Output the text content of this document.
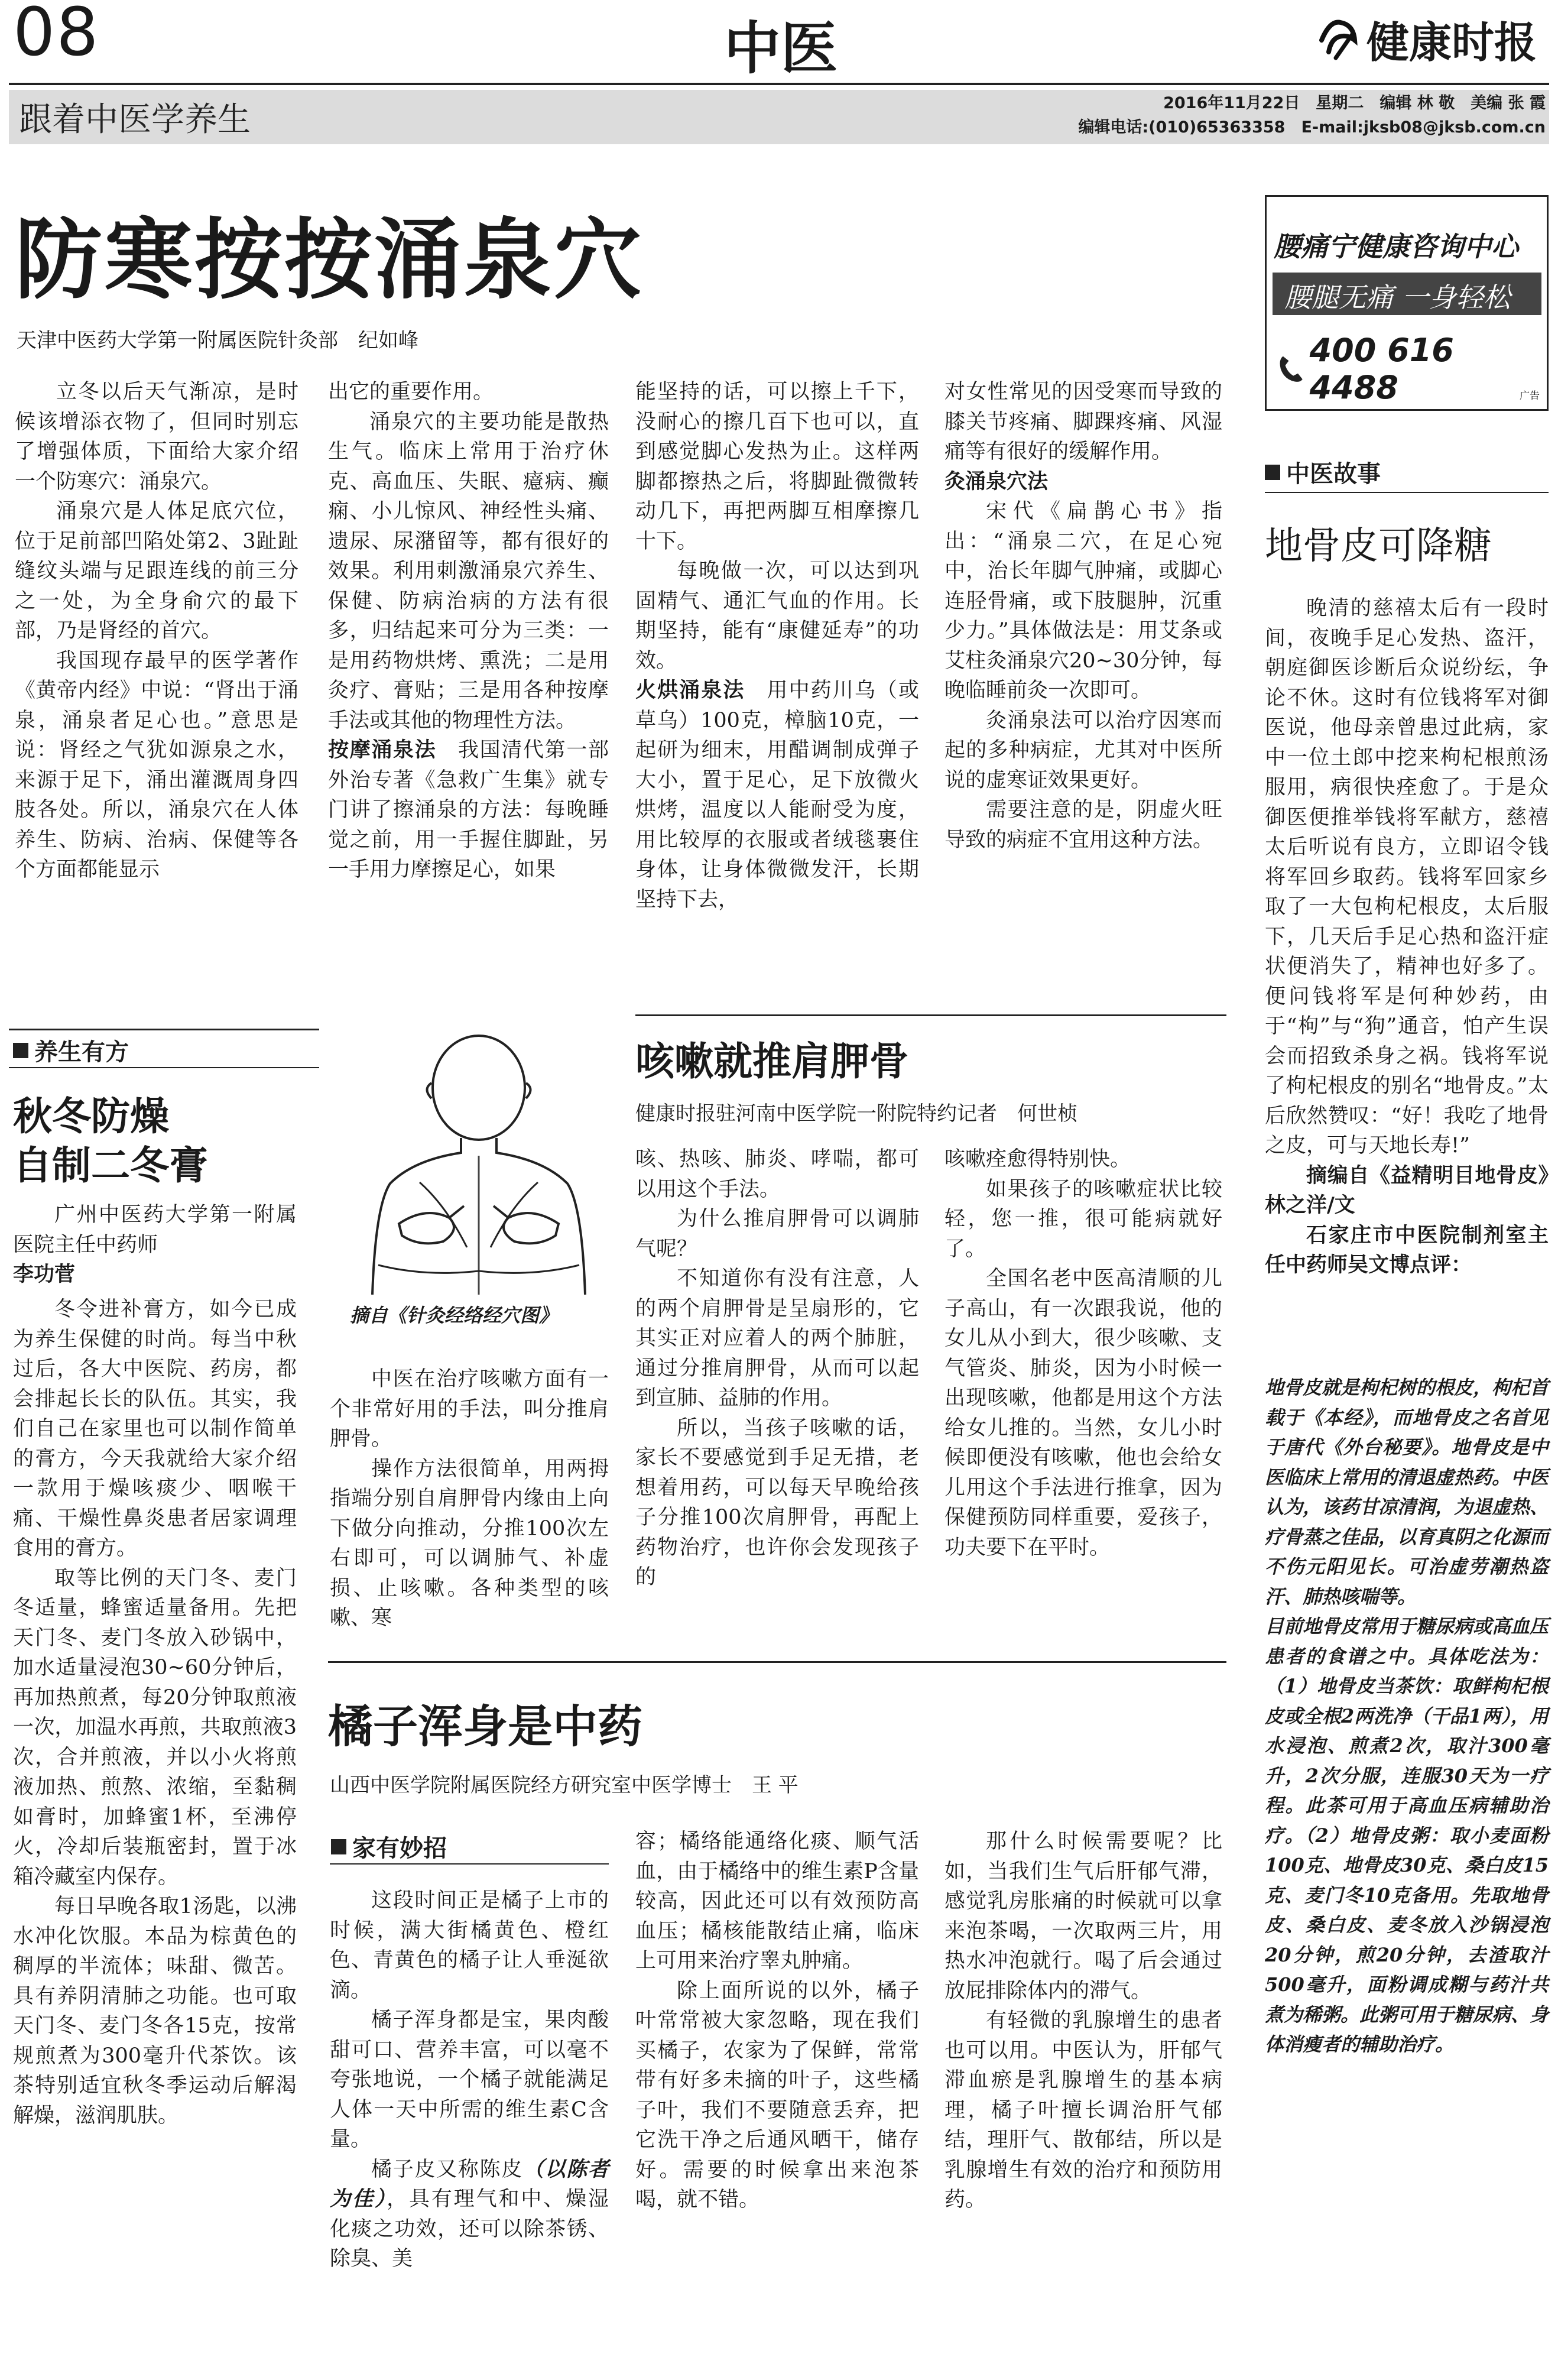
08	中医	健康时报
跟着中医学养生	2016年11月22日　星期二　编辑 林 敬　美编 张 霞
编辑电话:(010)65363358　E-mail:jksb08@jksb.com.cn
防寒按按涌泉穴
天津中医药大学第一附属医院针灸部　纪如峰

立冬以后天气渐凉，是时候该增添衣物了，但同时别忘了增强体质，下面给大家介绍一个防寒穴：涌泉穴。

涌泉穴是人体足底穴位，位于足前部凹陷处第2、3趾趾缝纹头端与足跟连线的前三分之一处，为全身俞穴的最下部，乃是肾经的首穴。

我国现存最早的医学著作《黄帝内经》中说：“肾出于涌泉，涌泉者足心也。”意思是说：肾经之气犹如源泉之水，来源于足下，涌出灌溉周身四肢各处。所以，涌泉穴在人体养生、防病、治病、保健等各个方面都能显示

出它的重要作用。

涌泉穴的主要功能是散热生气。临床上常用于治疗休克、高血压、失眠、癔病、癫痫、小儿惊风、神经性头痛、遗尿、尿潴留等，都有很好的效果。利用刺激涌泉穴养生、保健、防病治病的方法有很多，归结起来可分为三类：一是用药物烘烤、熏洗；二是用灸疗、膏贴；三是用各种按摩手法或其他的物理性方法。

按摩涌泉法　 我国清代第一部外治专著《急救广生集》就专门讲了擦涌泉的方法：每晚睡觉之前，用一手握住脚趾，另一手用力摩擦足心，如果

能坚持的话，可以擦上千下，没耐心的擦几百下也可以，直到感觉脚心发热为止。这样两脚都擦热之后，将脚趾微微转动几下，再把两脚互相摩擦几十下。

每晚做一次，可以达到巩固精气、通汇气血的作用。长期坚持，能有“康健延寿”的功效。

火烘涌泉法　 用中药川乌（或草乌）100克，樟脑10克，一起研为细末，用醋调制成弹子大小，置于足心，足下放微火烘烤，温度以人能耐受为度，用比较厚的衣服或者绒毯裹住身体，让身体微微发汗，长期坚持下去，
对女性常见的因受寒而导致的膝关节疼痛、脚踝疼痛、风湿痛等有很好的缓解作用。
灸涌泉穴法　

宋代《扁鹊心书》指出：“涌泉二穴，在足心宛中，治长年脚气肿痛，或脚心连胫骨痛，或下肢腿肿，沉重少力。”具体做法是：用艾条或艾柱灸涌泉穴20~30分钟，每晚临睡前灸一次即可。

灸涌泉法可以治疗因寒而起的多种病症，尤其对中医所说的虚寒证效果更好。

需要注意的是，阴虚火旺导致的病症不宜用这种方法。

腰痛宁健康咨询中心
腰腿无痛 一身轻松
400 616 4488	广告
中医故事
地骨皮可降糖

晚清的慈禧太后有一段时间，夜晚手足心发热、盗汗，朝庭御医诊断后众说纷纭，争论不休。这时有位钱将军对御医说，他母亲曾患过此病，家中一位土郎中挖来枸杞根煎汤服用，病很快痊愈了。于是众御医便推举钱将军献方，慈禧太后听说有良方，立即诏令钱将军回乡取药。钱将军回家乡取了一大包枸杞根皮，太后服下，几天后手足心热和盗汗症状便消失了，精神也好多了。便问钱将军是何种妙药，由于“枸”与“狗”通音，怕产生误会而招致杀身之祸。钱将军说了枸杞根皮的别名“地骨皮。”太后欣然赞叹：“好！我吃了地骨之皮，可与天地长寿!”

摘编自《益精明目地骨皮》林之洋/文

石家庄市中医院制剂室主任中药师吴文博点评：

地骨皮就是枸杞树的根皮，枸杞首载于《本经》，而地骨皮之名首见于唐代《外台秘要》。地骨皮是中医临床上常用的清退虚热药。中医认为，该药甘凉清润，为退虚热、疗骨蒸之佳品，以育真阴之化源而不伤元阳见长。可治虚劳潮热盗汗、肺热咳喘等。
目前地骨皮常用于糖尿病或高血压患者的食谱之中。具体吃法为：（1）地骨皮当茶饮：取鲜枸杞根皮或全根2两洗净（干品1两），用水浸泡、煎煮2次，取汁300毫升，2次分服，连服30天为一疗程。此茶可用于高血压病辅助治疗。（2）地骨皮粥：取小麦面粉100克、地骨皮30克、桑白皮15克、麦门冬10克备用。先取地骨皮、桑白皮、麦冬放入沙锅浸泡20分钟，煎20分钟，去渣取汁500毫升，面粉调成糊与药汁共煮为稀粥。此粥可用于糖尿病、身体消瘦者的辅助治疗。
养生有方
秋冬防燥
自制二冬膏

广州中医药大学第一附属医院主任中药师

李功菅

冬令进补膏方，如今已成为养生保健的时尚。每当中秋过后，各大中医院、药房，都会排起长长的队伍。其实，我们自己在家里也可以制作简单的膏方，今天我就给大家介绍一款用于燥咳痰少、咽喉干痛、干燥性鼻炎患者居家调理食用的膏方。

取等比例的天门冬、麦门冬适量，蜂蜜适量备用。先把天门冬、麦门冬放入砂锅中，加水适量浸泡30~60分钟后，再加热煎煮，每20分钟取煎液一次，加温水再煎，共取煎液3次，合并煎液，并以小火将煎液加热、煎熬、浓缩，至黏稠如膏时，加蜂蜜1杯，至沸停火，冷却后装瓶密封，置于冰箱冷藏室内保存。

每日早晚各取1汤匙，以沸水冲化饮服。本品为棕黄色的稠厚的半流体；味甜、微苦。具有养阴清肺之功能。也可取天门冬、麦门冬各15克，按常规煎煮为300毫升代茶饮。该茶特别适宜秋冬季运动后解渴解燥，滋润肌肤。

摘自《针灸经络经穴图》
咳嗽就推肩胛骨
健康时报驻河南中医学院一附院特约记者　何世桢

中医在治疗咳嗽方面有一个非常好用的手法，叫分推肩胛骨。

操作方法很简单，用两拇指端分别自肩胛骨内缘由上向下做分向推动，分推100次左右即可，可以调肺气、补虚损、止咳嗽。各种类型的咳嗽、寒

咳、热咳、肺炎、哮喘，都可以用这个手法。

为什么推肩胛骨可以调肺气呢？

不知道你有没有注意，人的两个肩胛骨是呈扇形的，它其实正对应着人的两个肺脏，通过分推肩胛骨，从而可以起到宣肺、益肺的作用。

所以，当孩子咳嗽的话，家长不要感觉到手足无措，老想着用药，可以每天早晚给孩子分推100次肩胛骨，再配上药物治疗，也许你会发现孩子的

咳嗽痊愈得特别快。

如果孩子的咳嗽症状比较轻，您一推，很可能病就好了。

全国名老中医高清顺的儿子高山，有一次跟我说，他的女儿从小到大，很少咳嗽、支气管炎、肺炎，因为小时候一出现咳嗽，他都是用这个方法给女儿推的。当然，女儿小时候即便没有咳嗽，他也会给女儿用这个手法进行推拿，因为保健预防同样重要，爱孩子，功夫要下在平时。

橘子浑身是中药
山西中医学院附属医院经方研究室中医学博士　王 平
家有妙招

这段时间正是橘子上市的时候，满大街橘黄色、橙红色、青黄色的橘子让人垂涎欲滴。

橘子浑身都是宝，果肉酸甜可口、营养丰富，可以毫不夸张地说，一个橘子就能满足人体一天中所需的维生素C含量。

橘子皮又称陈皮（以陈者为佳），具有理气和中、燥湿化痰之功效，还可以除茶锈、除臭、美

容；橘络能通络化痰、顺气活血，由于橘络中的维生素P含量较高，因此还可以有效预防高血压；橘核能散结止痛，临床上可用来治疗睾丸肿痛。

除上面所说的以外，橘子叶常常被大家忽略，现在我们买橘子，农家为了保鲜，常常带有好多未摘的叶子，这些橘子叶，我们不要随意丢弃，把它洗干净之后通风晒干，储存好。需要的时候拿出来泡茶喝，就不错。

那什么时候需要呢？比如，当我们生气后肝郁气滞，感觉乳房胀痛的时候就可以拿来泡茶喝，一次取两三片，用热水冲泡就行。喝了后会通过放屁排除体内的滞气。

有轻微的乳腺增生的患者也可以用。中医认为，肝郁气滞血瘀是乳腺增生的基本病理，橘子叶擅长调治肝气郁结，理肝气、散郁结，所以是乳腺增生有效的治疗和预防用药。
